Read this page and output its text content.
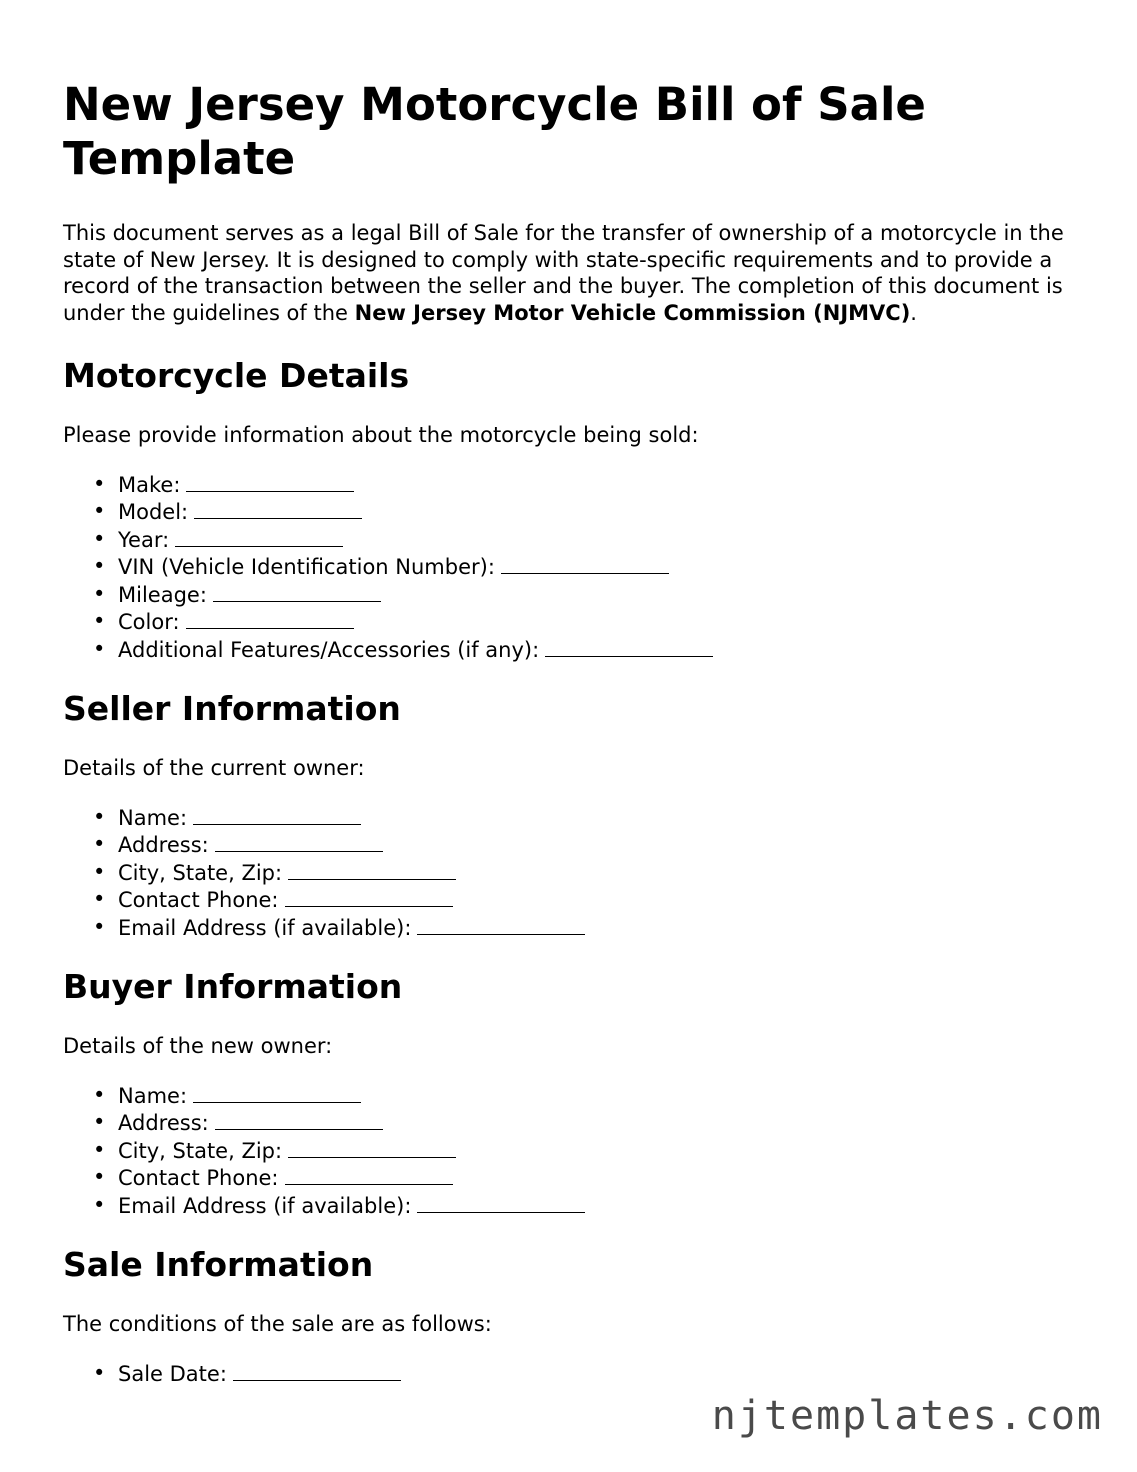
New Jersey Motorcycle Bill of Sale Template

This document serves as a legal Bill of Sale for the transfer of ownership of a motorcycle in the state of New Jersey. It is designed to comply with state-specific requirements and to provide a record of the transaction between the seller and the buyer. The completion of this document is under the guidelines of the New Jersey Motor Vehicle Commission (NJMVC).

Motorcycle Details

Please provide information about the motorcycle being sold:

• Make:
• Model:
• Year:
• VIN (Vehicle Identification Number):
• Mileage:
• Color:
• Additional Features/Accessories (if any):
Seller Information

Details of the current owner:

• Name:
• Address:
• City, State, Zip:
• Contact Phone:
• Email Address (if available):
Buyer Information

Details of the new owner:

• Name:
• Address:
• City, State, Zip:
• Contact Phone:
• Email Address (if available):
Sale Information

The conditions of the sale are as follows:

• Sale Date:
njtemplates.com
